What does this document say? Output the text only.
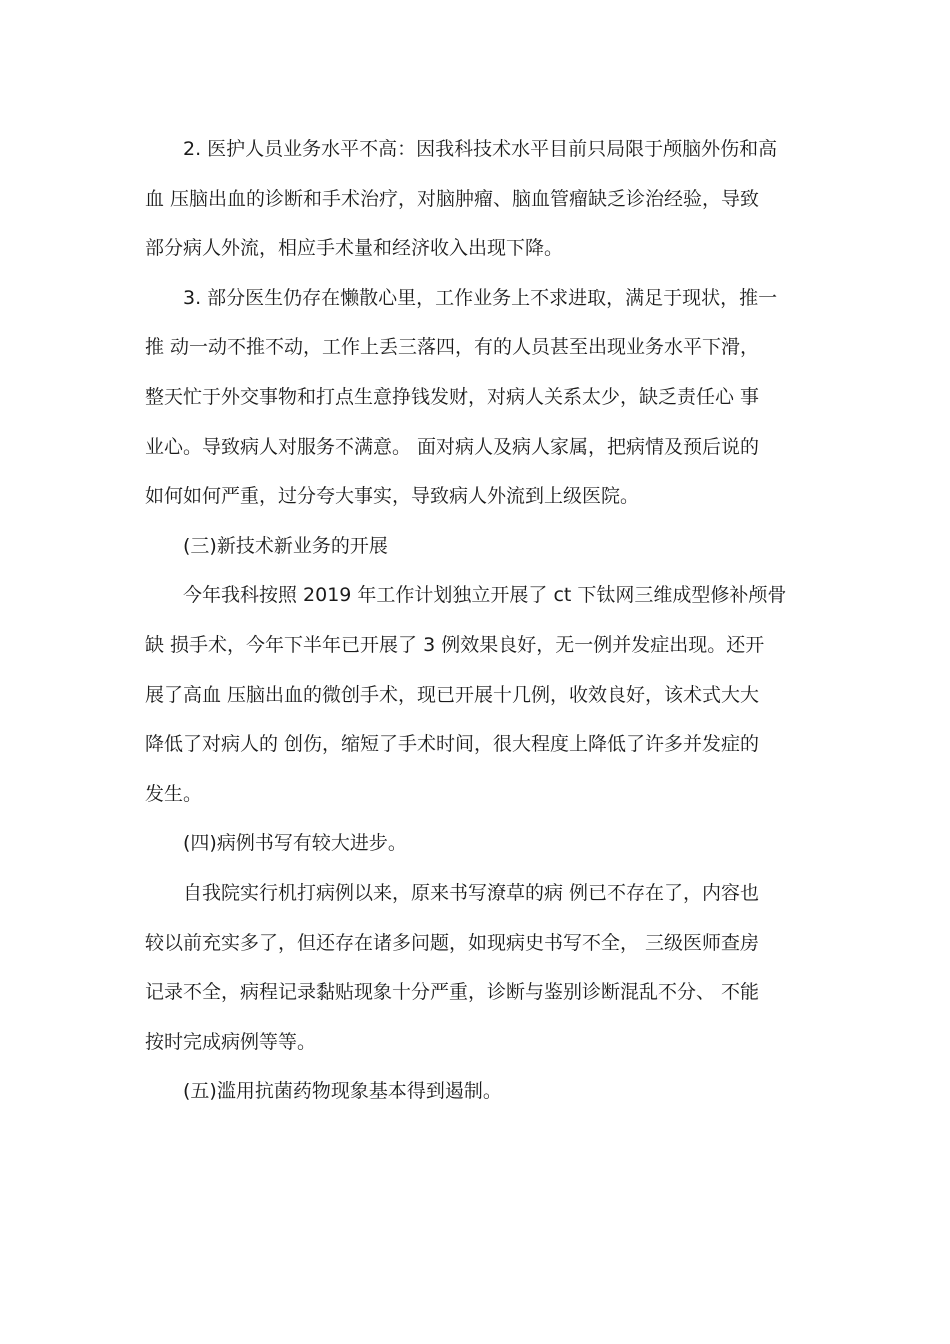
2. 医护人员业务水平不高：因我科技术水平目前只局限于颅脑外伤和高
血 压脑出血的诊断和手术治疗，对脑肿瘤、脑血管瘤缺乏诊治经验，导致
部分病人外流，相应手术量和经济收入出现下降。

3. 部分医生仍存在懒散心里，工作业务上不求进取，满足于现状，推一
推 动一动不推不动，工作上丢三落四，有的人员甚至出现业务水平下滑，
整天忙于外交事物和打点生意挣钱发财，对病人关系太少，缺乏责任心 事
业心。导致病人对服务不满意。 面对病人及病人家属，把病情及预后说的
如何如何严重，过分夸大事实，导致病人外流到上级医院。

(三)新技术新业务的开展

今年我科按照 2019 年工作计划独立开展了 ct 下钛网三维成型修补颅骨
缺 损手术，今年下半年已开展了 3 例效果良好，无一例并发症出现。还开
展了高血 压脑出血的微创手术，现已开展十几例，收效良好，该术式大大
降低了对病人的 创伤，缩短了手术时间，很大程度上降低了许多并发症的
发生。

(四)病例书写有较大进步。

自我院实行机打病例以来，原来书写潦草的病 例已不存在了，内容也
较以前充实多了，但还存在诸多问题，如现病史书写不全， 三级医师查房
记录不全，病程记录黏贴现象十分严重，诊断与鉴别诊断混乱不分、 不能
按时完成病例等等。

(五)滥用抗菌药物现象基本得到遏制。
